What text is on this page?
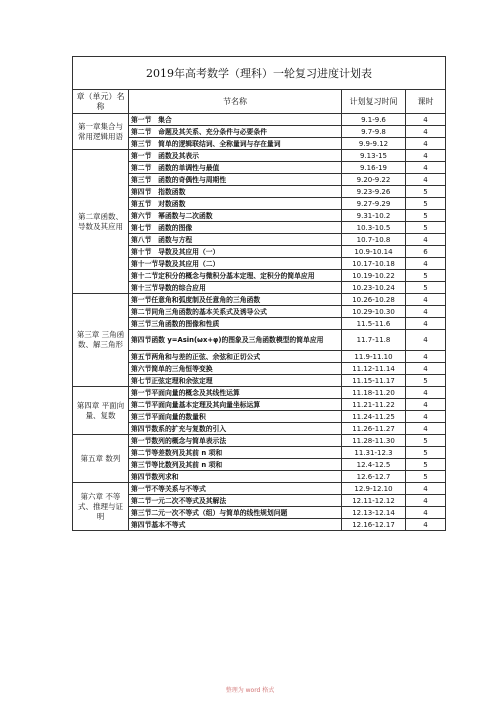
2019年高考数学（理科）一轮复习进度计划表			
章（单元）名称	节名称	计划复习时间	课时
第一章集合与常用逻辑用语	第一节　集合	9.1-9.6	4
	第二节　命题及其关系、充分条件与必要条件	9.7-9.8	4
	第三节　简单的逻辑联结词、全称量词与存在量词	9.9-9.12	4
第二章函数、导数及其应用	第一节　函数及其表示	9.13-15	4
	第二节　函数的单调性与最值	9.16-19	4
	第三节　函数的奇偶性与周期性	9.20-9.22	4
	第四节　指数函数	9.23-9.26	5
	第五节　对数函数	9.27-9.29	5
	第六节　幂函数与二次函数	9.31-10.2	5
	第七节　函数的图像	10.3-10.5	5
	第八节　函数与方程	10.7-10.8	4
	第十节　导数及其应用（一）	10.9-10.14	6
	第十一节导数及其应用（二）	10.17-10.18	4
	第十二节定积分的概念与微积分基本定理、定积分的简单应用	10.19-10.22	5
	第十三节导数的综合应用	10.23-10.24	5
第三章 三角函数、解三角形	第一节任意角和弧度制及任意角的三角函数	10.26-10.28	4
	第二节同角三角函数的基本关系式及诱导公式	10.29-10.30	4
	第三节三角函数的图像和性质	11.5-11.6	4
	第四节函数 y=Asin(ωx+φ)的图象及三角函数模型的简单应用	11.7-11.8	4
	第五节两角和与差的正弦、余弦和正切公式	11.9-11.10	4
	第六节简单的三角恒等变换	11.12-11.14	4
	第七节正弦定理和余弦定理	11.15-11.17	5
第四章 平面向量、复数	第一节平面向量的概念及其线性运算	11.18-11.20	4
	第二节平面向量基本定理及其向量坐标运算	11.21-11.22	4
	第三节平面向量的数量积	11.24-11.25	4
	第四节数系的扩充与复数的引入	11.26-11.27	4
第五章 数列	第一节数列的概念与简单表示法	11.28-11.30	5
	第二节等差数列及其前 n 项和	11.31-12.3	5
	第三节等比数列及其前 n 项和	12.4-12.5	5
	第四节数列求和	12.6-12.7	5
第六章 不等式、推理与证明	第一节不等关系与不等式	12.9-12.10	4
	第二节一元二次不等式及其解法	12.11-12.12	4
	第三节二元一次不等式（组）与简单的线性规划问题	12.13-12.14	4
	第四节基本不等式	12.16-12.17	4
整理为 word 格式
